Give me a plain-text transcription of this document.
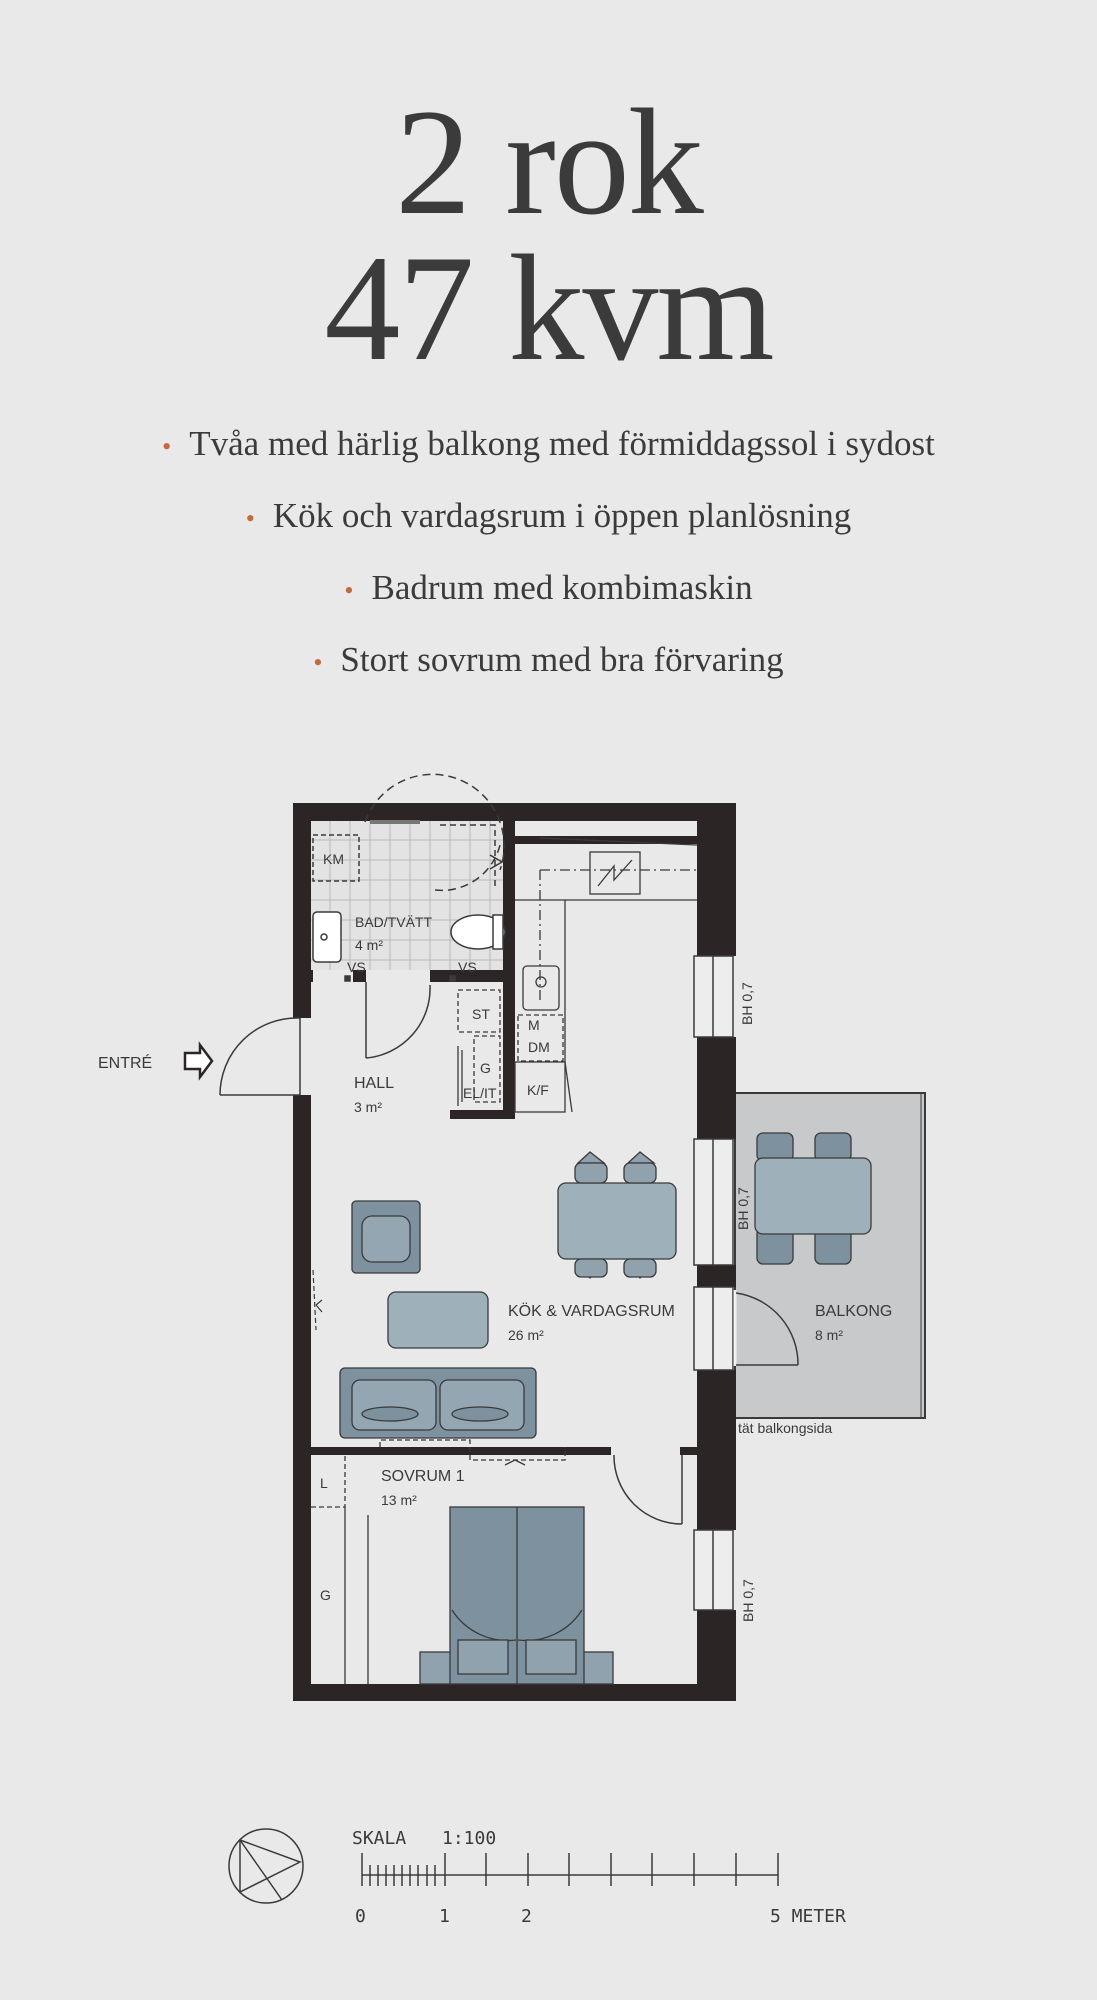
2 rok
47 kvm
• Tvåa med härlig balkong med förmiddagssol i sydost
• Kök och vardagsrum i öppen planlösning
• Badrum med kombimaskin
• Stort sovrum med bra förvaring
ENTRÉ
KM
BAD/TVÄTT
4 m²
VS	VS
ST
G
EL/IT
M
DM
K/F
HALL
3 m²
KÖK & VARDAGSRUM
26 m²
BALKONG
8 m²
tät balkongsida
BH 0,7
BH 0,7
BH 0,7
L
G
SOVRUM 1
13 m²
SKALA 1:100
0	1	2	5 METER
